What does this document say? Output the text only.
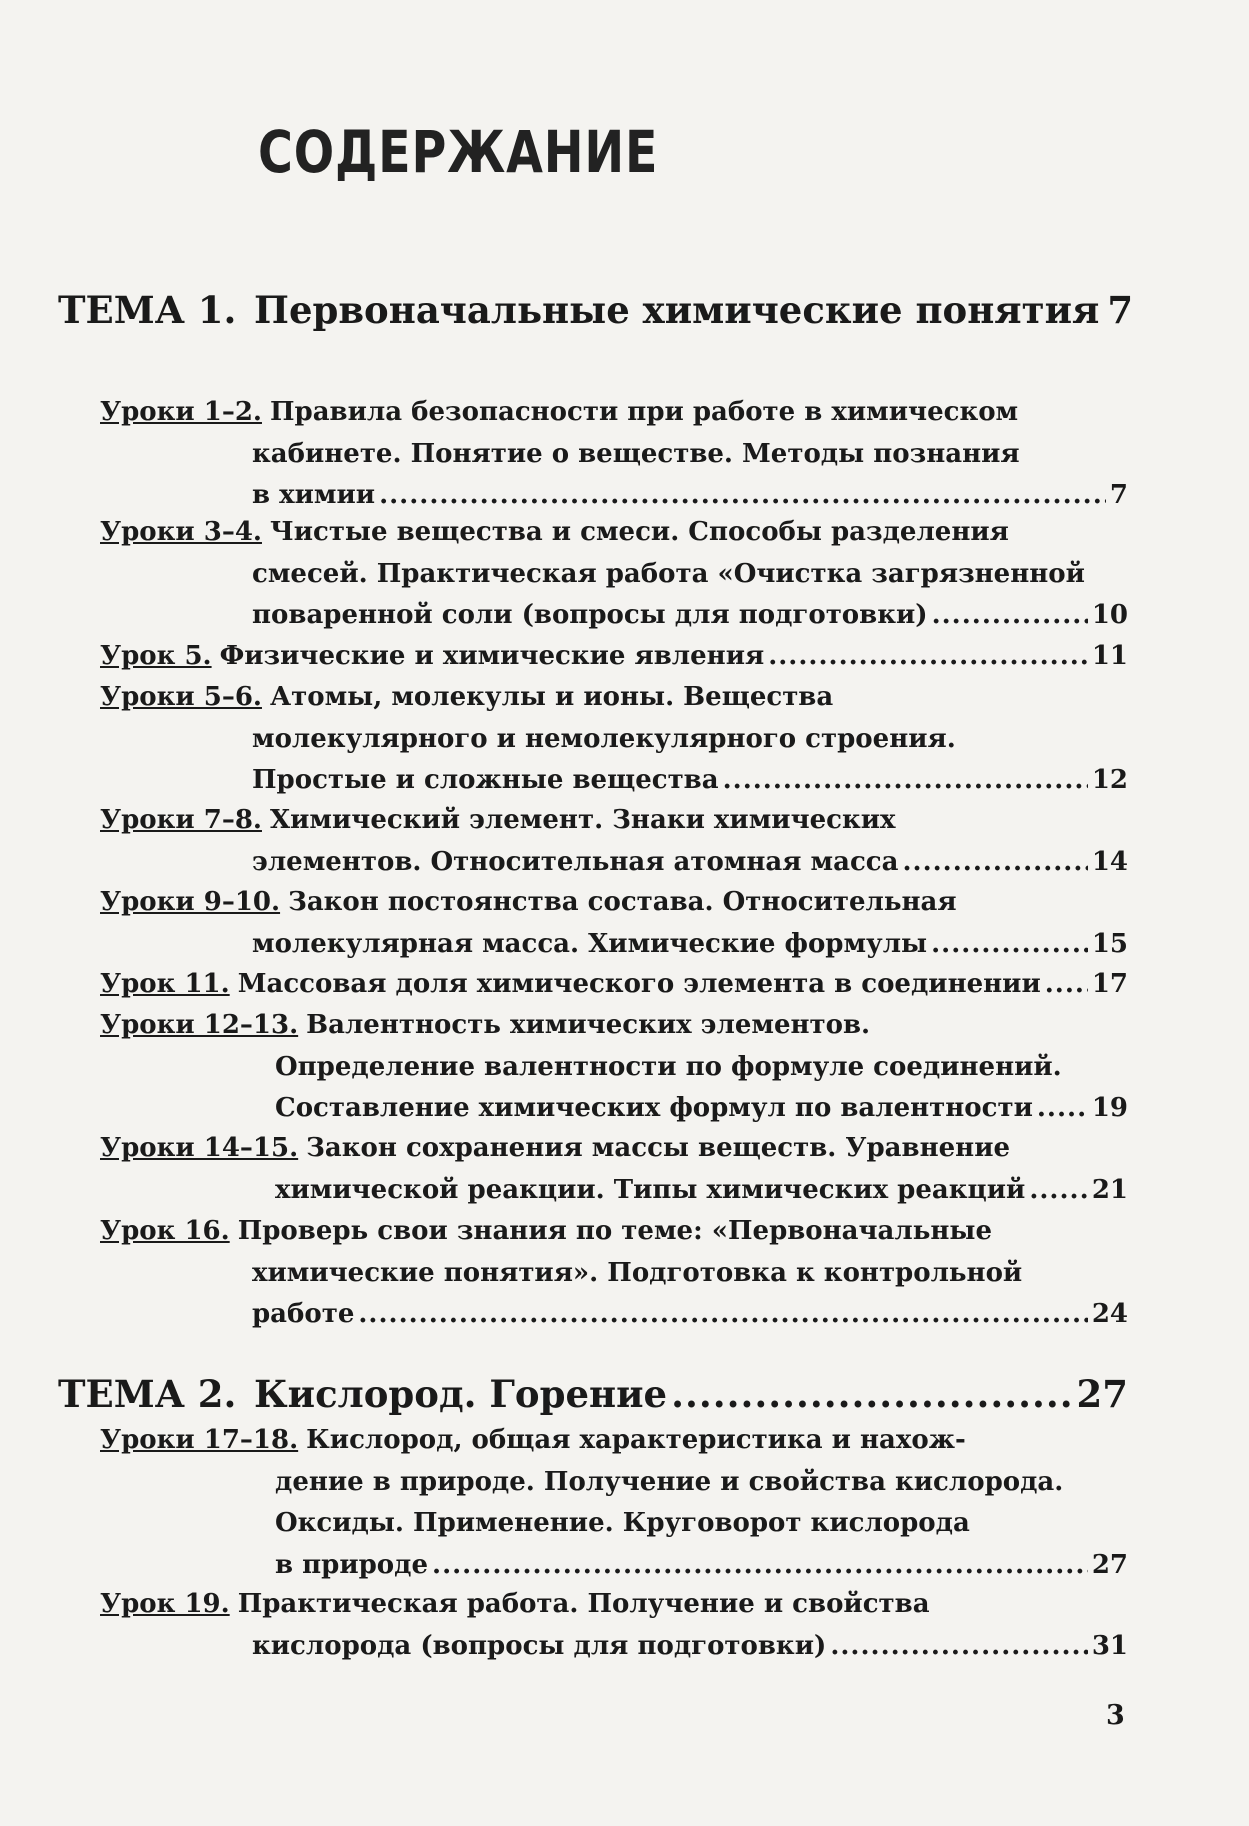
СОДЕРЖАНИЕ
ТЕМА 1. Первоначальные химические понятия 7
Уроки 1–2. Правила безопасности при работе в химическом
кабинете. Понятие о веществе. Методы познания
в химии .....	7
Уроки 3–4. Чистые вещества и смеси. Способы разделения
смесей. Практическая работа «Очистка загрязненной
поваренной соли (вопросы для подготовки) .....	10
Урок 5. Физические и химические явления .....	11
Уроки 5–6. Атомы, молекулы и ионы. Вещества
молекулярного и немолекулярного строения.
Простые и сложные вещества .....	12
Уроки 7–8. Химический элемент. Знаки химических
элементов. Относительная атомная масса .....	14
Уроки 9–10. Закон постоянства состава. Относительная
молекулярная масса. Химические формулы .....	15
Урок 11. Массовая доля химического элемента в соединении ..... 17
Уроки 12–13. Валентность химических элементов.
Определение валентности по формуле соединений.
Составление химических формул по валентности ..... 19
Уроки 14–15. Закон сохранения массы веществ. Уравнение
химической реакции. Типы химических реакций .....	21
Урок 16. Проверь свои знания по теме: «Первоначальные
химические понятия». Подготовка к контрольной
работе .....	24
ТЕМА 2. Кислород. Горение .....	27
Уроки 17–18. Кислород, общая характеристика и нахож-
дение в природе. Получение и свойства кислорода.
Оксиды. Применение. Круговорот кислорода
в природе .....	27
Урок 19. Практическая работа. Получение и свойства
кислорода (вопросы для подготовки) .....	31
3
